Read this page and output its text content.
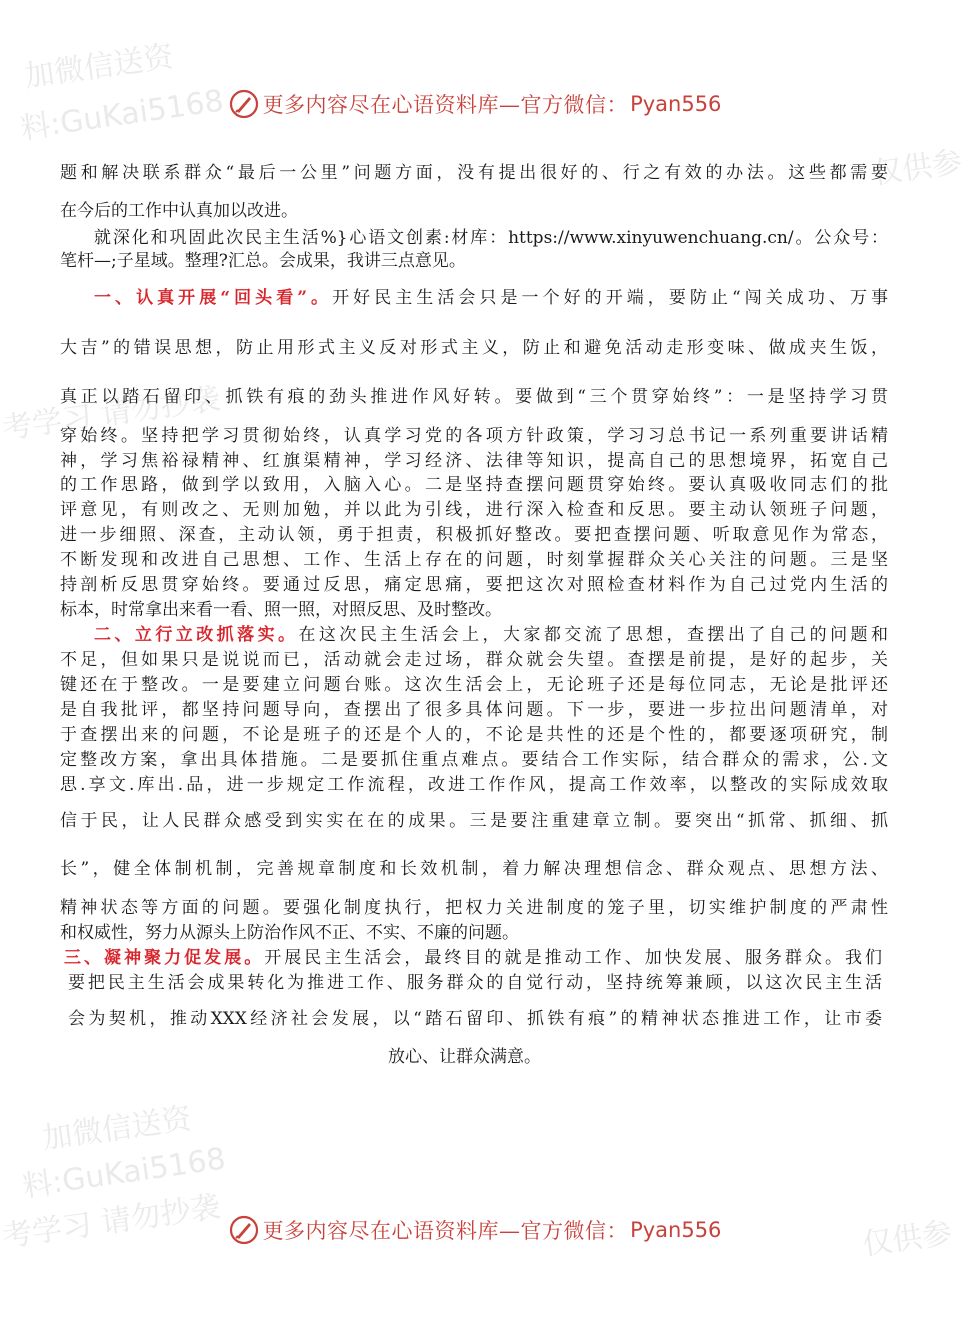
加微信送资
料:GuKai5168
加微信送资
料:GuKai5168
考学习 请勿抄袭	仅供参
仅供参
考学习 请勿抄袭
更多内容尽在心语资料库—官方微信： Pyan556
题和解决联系群众“最后一公里”问题方面，没有提出很好的、行之有效的办法。这些都需要
在今后的工作中认真加以改进。
就深化和巩固此次民主生活%}心语文创素:材库：https://www.xinyuwenchuang.cn/。公众号：
笔杆—;子星域。整理?汇总。会成果，我讲三点意见。
一、认真开展“回头看”。开好民主生活会只是一个好的开端，要防止“闯关成功、万事
大吉”的错误思想，防止用形式主义反对形式主义，防止和避免活动走形变味、做成夹生饭，
真正以踏石留印、抓铁有痕的劲头推进作风好转。要做到“三个贯穿始终”：一是坚持学习贯
穿始终。坚持把学习贯彻始终，认真学习党的各项方针政策，学习习总书记一系列重要讲话精
神，学习焦裕禄精神、红旗渠精神，学习经济、法律等知识，提高自己的思想境界，拓宽自己
的工作思路，做到学以致用，入脑入心。二是坚持查摆问题贯穿始终。要认真吸收同志们的批
评意见，有则改之、无则加勉，并以此为引线，进行深入检查和反思。要主动认领班子问题，
进一步细照、深查，主动认领，勇于担责，积极抓好整改。要把查摆问题、听取意见作为常态，
不断发现和改进自己思想、工作、生活上存在的问题，时刻掌握群众关心关注的问题。三是坚
持剖析反思贯穿始终。要通过反思，痛定思痛，要把这次对照检查材料作为自己过党内生活的
标本，时常拿出来看一看、照一照，对照反思、及时整改。
二、立行立改抓落实。在这次民主生活会上，大家都交流了思想，查摆出了自己的问题和
不足，但如果只是说说而已，活动就会走过场，群众就会失望。查摆是前提，是好的起步，关
键还在于整改。一是要建立问题台账。这次生活会上，无论班子还是每位同志，无论是批评还
是自我批评，都坚持问题导向，查摆出了很多具体问题。下一步，要进一步拉出问题清单，对
于查摆出来的问题，不论是班子的还是个人的，不论是共性的还是个性的，都要逐项研究，制
定整改方案，拿出具体措施。二是要抓住重点难点。要结合工作实际，结合群众的需求，公.文
思.享文.库出.品，进一步规定工作流程，改进工作作风，提高工作效率，以整改的实际成效取
信于民，让人民群众感受到实实在在的成果。三是要注重建章立制。要突出“抓常、抓细、抓
长”，健全体制机制，完善规章制度和长效机制，着力解决理想信念、群众观点、思想方法、
精神状态等方面的问题。要强化制度执行，把权力关进制度的笼子里，切实维护制度的严肃性
和权威性，努力从源头上防治作风不正、不实、不廉的问题。
三、凝神聚力促发展。开展民主生活会，最终目的就是推动工作、加快发展、服务群众。我们
要把民主生活会成果转化为推进工作、服务群众的自觉行动，坚持统筹兼顾，以这次民主生活
会为契机，推动XXX经济社会发展，以“踏石留印、抓铁有痕”的精神状态推进工作，让市委
放心、让群众满意。
更多内容尽在心语资料库—官方微信： Pyan556
